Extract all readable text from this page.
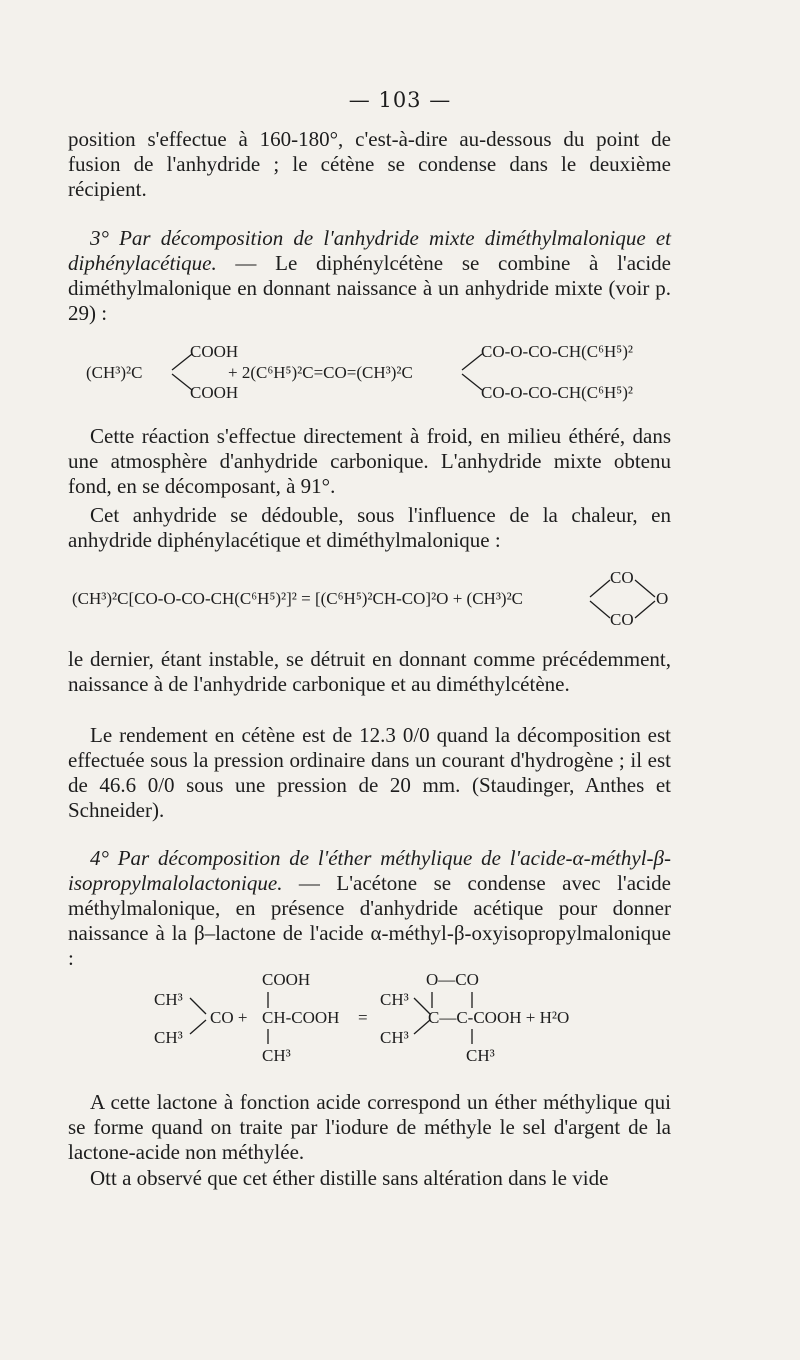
— 103 —

position s'effectue à 160-180°, c'est-à-dire au-dessous du point de fusion de l'anhydride ; le cétène se condense dans le deuxième récipient.

3° Par décomposition de l'anhydride mixte diméthylmalonique et diphénylacétique. — Le diphénylcétène se combine à l'acide diméthylmalonique en donnant naissance à un anhydride mixte (voir p. 29) :

(CH³)²C
COOH
COOH
+ 2(C⁶H⁵)²C=CO=(CH³)²C
CO-O-CO-CH(C⁶H⁵)²
CO-O-CO-CH(C⁶H⁵)²

Cette réaction s'effectue directement à froid, en milieu éthéré, dans une atmosphère d'anhydride carbonique. L'anhydride mixte obtenu fond, en se décomposant, à 91°.

Cet anhydride se dédouble, sous l'influence de la chaleur, en anhydride diphénylacétique et diméthylmalonique :

(CH³)²C[CO-O-CO-CH(C⁶H⁵)²]² = [(C⁶H⁵)²CH-CO]²O + (CH³)²C
CO
CO
O

le dernier, étant instable, se détruit en donnant comme précédemment, naissance à de l'anhydride carbonique et au diméthylcétène.

Le rendement en cétène est de 12.3 0/0 quand la décomposition est effectuée sous la pression ordinaire dans un courant d'hydrogène ; il est de 46.6 0/0 sous une pression de 20 mm. (Staudinger, Anthes et Schneider).

4° Par décomposition de l'éther méthylique de l'acide-α-méthyl-β-isopropylmalolactonique. — L'acétone se condense avec l'acide méthylmalonique, en présence d'anhydride acétique pour donner naissance à la β–lactone de l'acide α-méthyl-β-oxyisopropylmalonique :

CH³
CH³
CO +
COOH
CH-COOH =
CH³
CH³
CH³
O—CO
C—C-COOH + H²O
CH³

A cette lactone à fonction acide correspond un éther méthylique qui se forme quand on traite par l'iodure de méthyle le sel d'argent de la lactone-acide non méthylée.

Ott a observé que cet éther distille sans altération dans le vide
